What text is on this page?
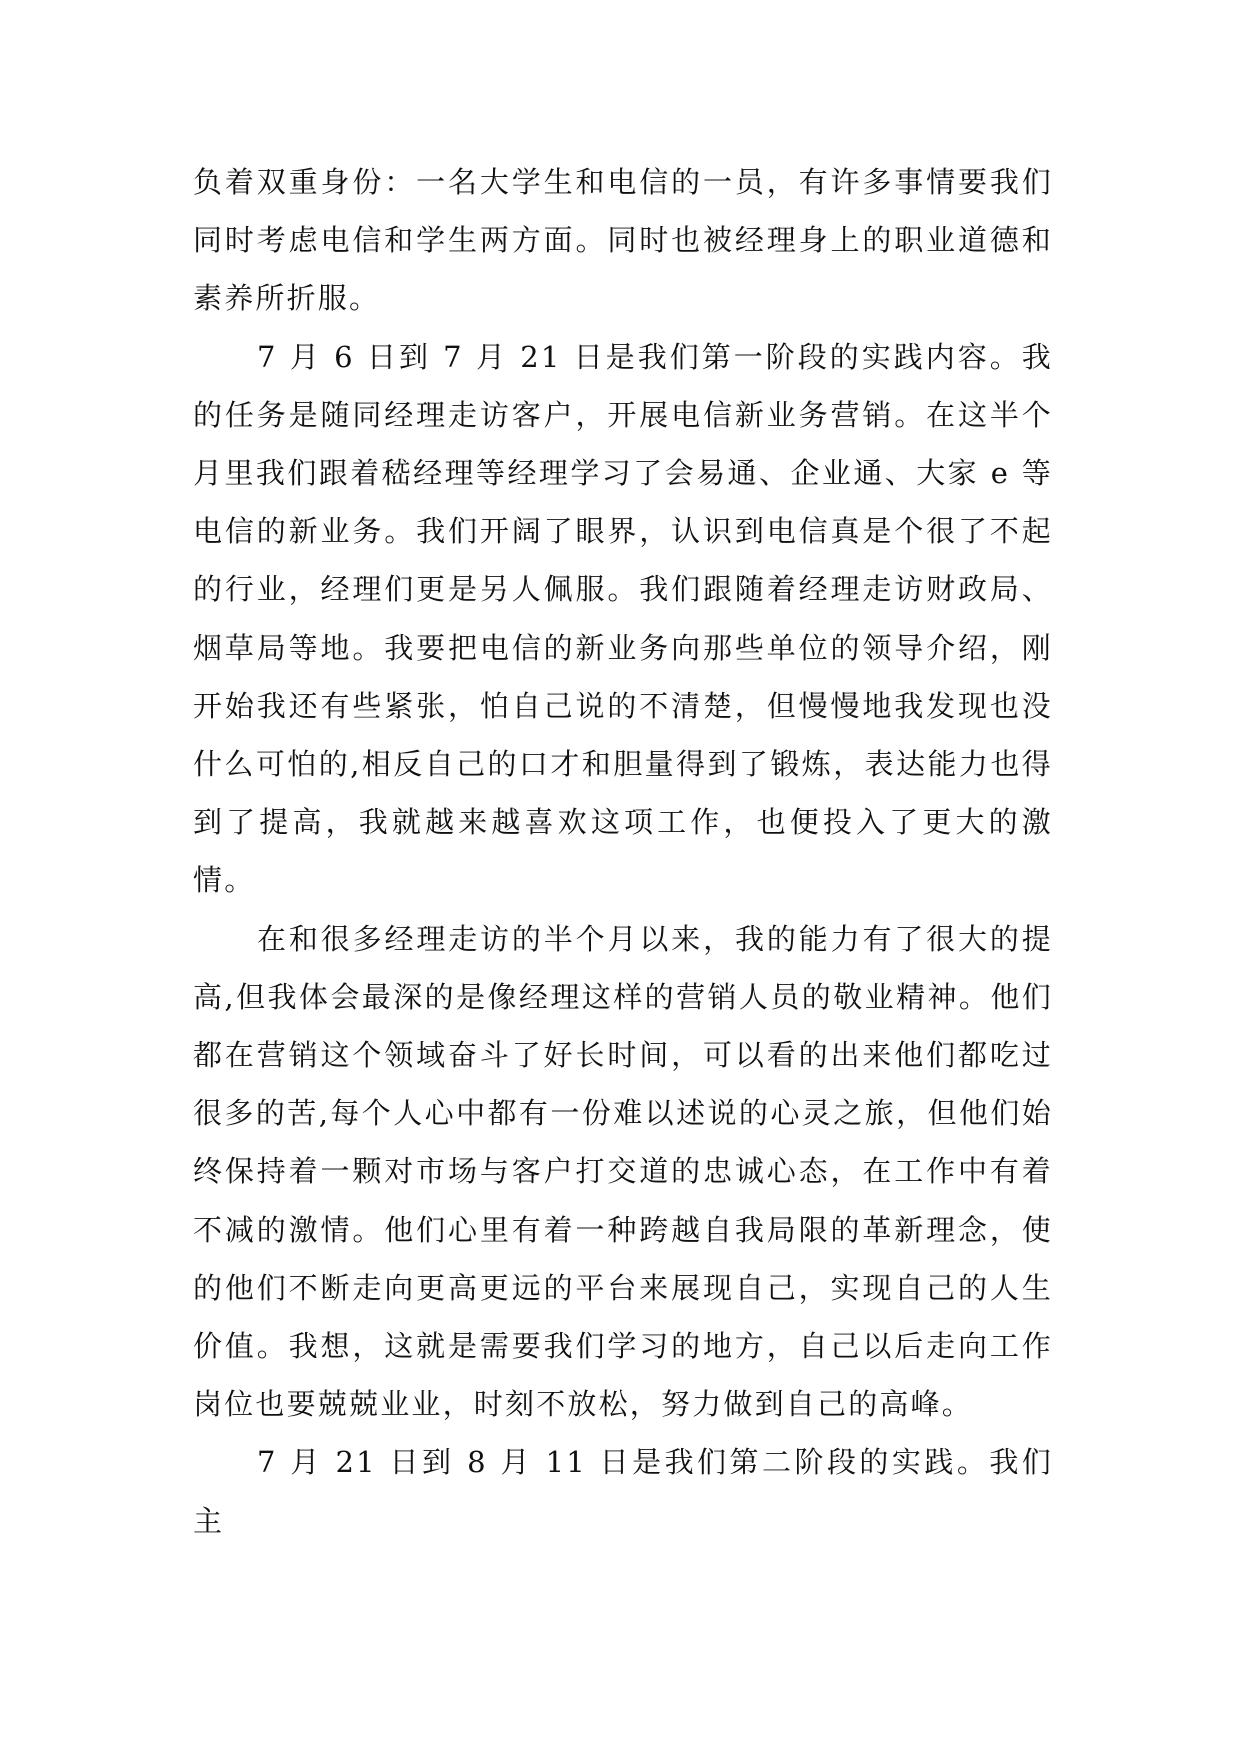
负着双重身份：一名大学生和电信的一员，有许多事情要我们同时考虑电信和学生两方面。同时也被经理身上的职业道德和素养所折服。

7 月 6 日到 7 月 21 日是我们第一阶段的实践内容。我的任务是随同经理走访客户，开展电信新业务营销。在这半个月里我们跟着嵇经理等经理学习了会易通、企业通、大家 e 等电信的新业务。我们开阔了眼界，认识到电信真是个很了不起的行业，经理们更是另人佩服。我们跟随着经理走访财政局、烟草局等地。我要把电信的新业务向那些单位的领导介绍，刚开始我还有些紧张，怕自己说的不清楚，但慢慢地我发现也没什么可怕的,相反自己的口才和胆量得到了锻炼，表达能力也得到了提高，我就越来越喜欢这项工作，也便投入了更大的激情。

在和很多经理走访的半个月以来，我的能力有了很大的提高,但我体会最深的是像经理这样的营销人员的敬业精神。他们都在营销这个领域奋斗了好长时间，可以看的出来他们都吃过很多的苦,每个人心中都有一份难以述说的心灵之旅，但他们始终保持着一颗对市场与客户打交道的忠诚心态，在工作中有着不减的激情。他们心里有着一种跨越自我局限的革新理念，使的他们不断走向更高更远的平台来展现自己，实现自己的人生价值。我想，这就是需要我们学习的地方，自己以后走向工作岗位也要兢兢业业，时刻不放松，努力做到自己的高峰。

7 月 21 日到 8 月 11 日是我们第二阶段的实践。我们主
